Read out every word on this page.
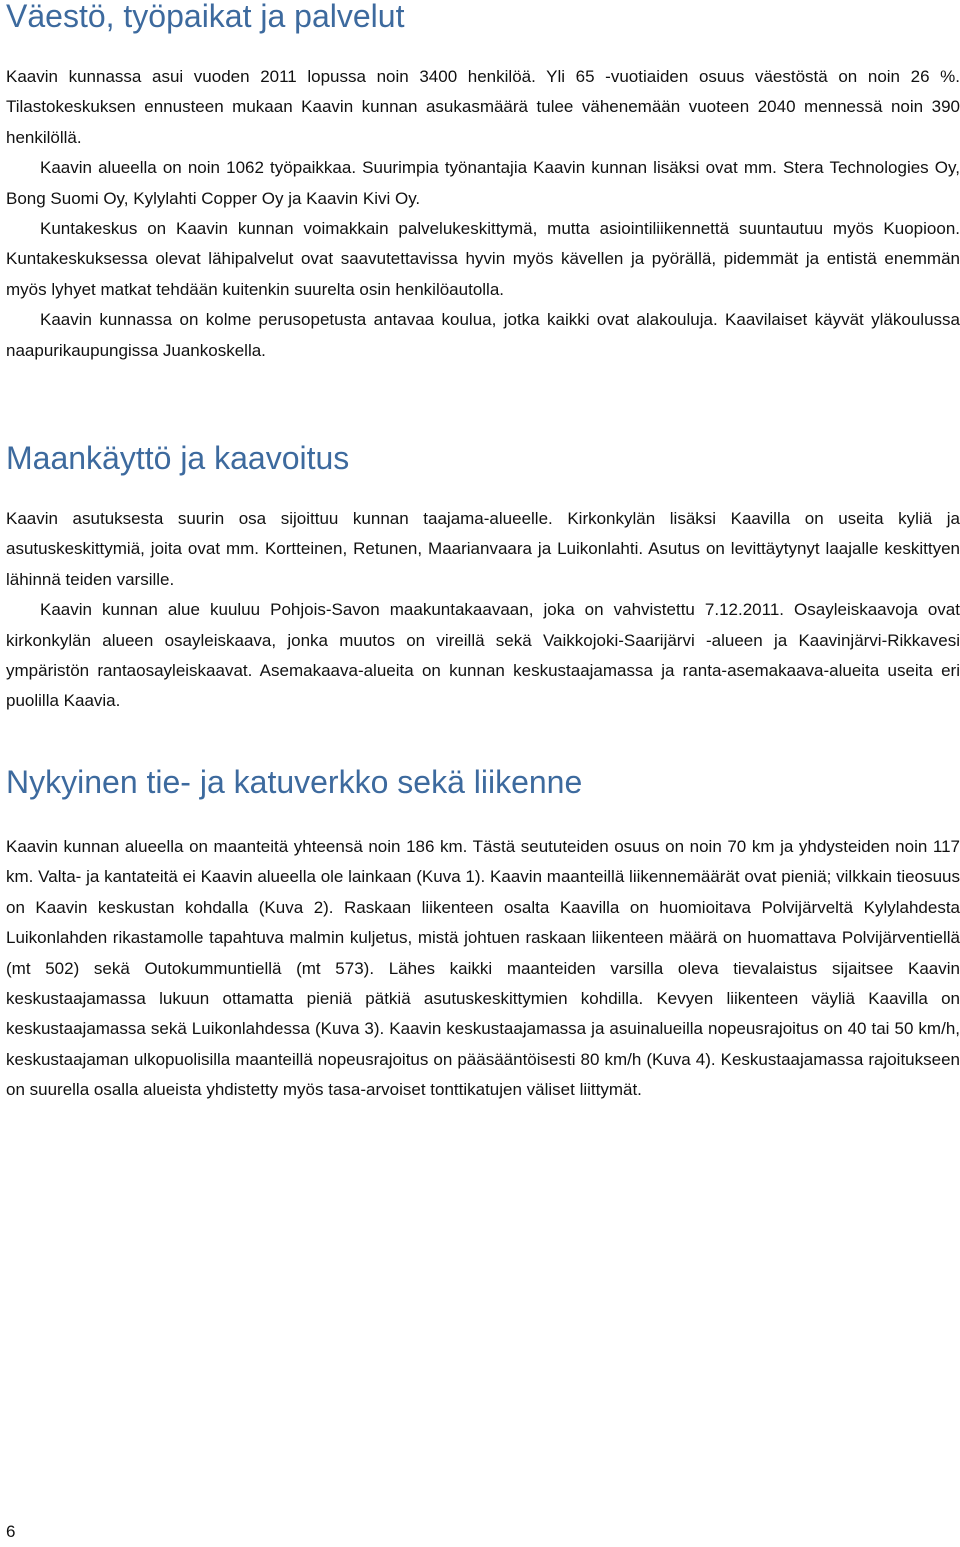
Väestö, työpaikat ja palvelut

Kaavin kunnassa asui vuoden 2011 lopussa noin 3400 henkilöä. Yli 65 -vuotiaiden osuus väestöstä on noin 26 %. Tilastokeskuksen ennusteen mukaan Kaavin kunnan asukasmäärä tulee vähenemään vuoteen 2040 mennessä noin 390 henkilöllä.

Kaavin alueella on noin 1062 työpaikkaa. Suurimpia työnantajia Kaavin kunnan lisäksi ovat mm. Stera Technologies Oy, Bong Suomi Oy, Kylylahti Copper Oy ja Kaavin Kivi Oy.

Kuntakeskus on Kaavin kunnan voimakkain palvelukeskittymä, mutta asiointiliikennettä suuntautuu myös Kuopioon. Kuntakeskuksessa olevat lähipalvelut ovat saavutettavissa hyvin myös kävellen ja pyörällä, pidemmät ja entistä enemmän myös lyhyet matkat tehdään kuitenkin suurelta osin henkilöautolla.

Kaavin kunnassa on kolme perusopetusta antavaa koulua, jotka kaikki ovat alakouluja. Kaavilaiset käyvät yläkoulussa naapurikaupungissa Juankoskella.

Maankäyttö ja kaavoitus

Kaavin asutuksesta suurin osa sijoittuu kunnan taajama-alueelle. Kirkonkylän lisäksi Kaavilla on useita kyliä ja asutuskeskittymiä, joita ovat mm. Kortteinen, Retunen, Maarianvaara ja Luikonlahti. Asutus on levittäytynyt laajalle keskittyen lähinnä teiden varsille.

Kaavin kunnan alue kuuluu Pohjois-Savon maakuntakaavaan, joka on vahvistettu 7.12.2011. Osayleiskaavoja ovat kirkonkylän alueen osayleiskaava, jonka muutos on vireillä sekä Vaikkojoki-Saarijärvi -alueen ja Kaavinjärvi-Rikkavesi ympäristön rantaosayleiskaavat. Asemakaava-alueita on kunnan keskustaajamassa ja ranta-asemakaava-alueita useita eri puolilla Kaavia.

Nykyinen tie- ja katuverkko sekä liikenne

Kaavin kunnan alueella on maanteitä yhteensä noin 186 km. Tästä seututeiden osuus on noin 70 km ja yhdysteiden noin 117 km. Valta- ja kantateitä ei Kaavin alueella ole lainkaan (Kuva 1). Kaavin maanteillä liikennemäärät ovat pieniä; vilkkain tieosuus on Kaavin keskustan kohdalla (Kuva 2). Raskaan liikenteen osalta Kaavilla on huomioitava Polvijärveltä Kylylahdesta Luikonlahden rikastamolle tapahtuva malmin kuljetus, mistä johtuen raskaan liikenteen määrä on huomattava Polvijärventiellä (mt 502) sekä Outokummuntiellä (mt 573). Lähes kaikki maanteiden varsilla oleva tievalaistus sijaitsee Kaavin keskustaajamassa lukuun ottamatta pieniä pätkiä asutuskeskittymien kohdilla. Kevyen liikenteen väyliä Kaavilla on keskustaajamassa sekä Luikonlahdessa (Kuva 3). Kaavin keskustaajamassa ja asuinalueilla nopeusrajoitus on 40 tai 50 km/h, keskustaajaman ulkopuolisilla maanteillä nopeusrajoitus on pääsääntöisesti 80 km/h (Kuva 4). Keskustaajamassa rajoitukseen on suurella osalla alueista yhdistetty myös tasa-arvoiset tonttikatujen väliset liittymät.

6
